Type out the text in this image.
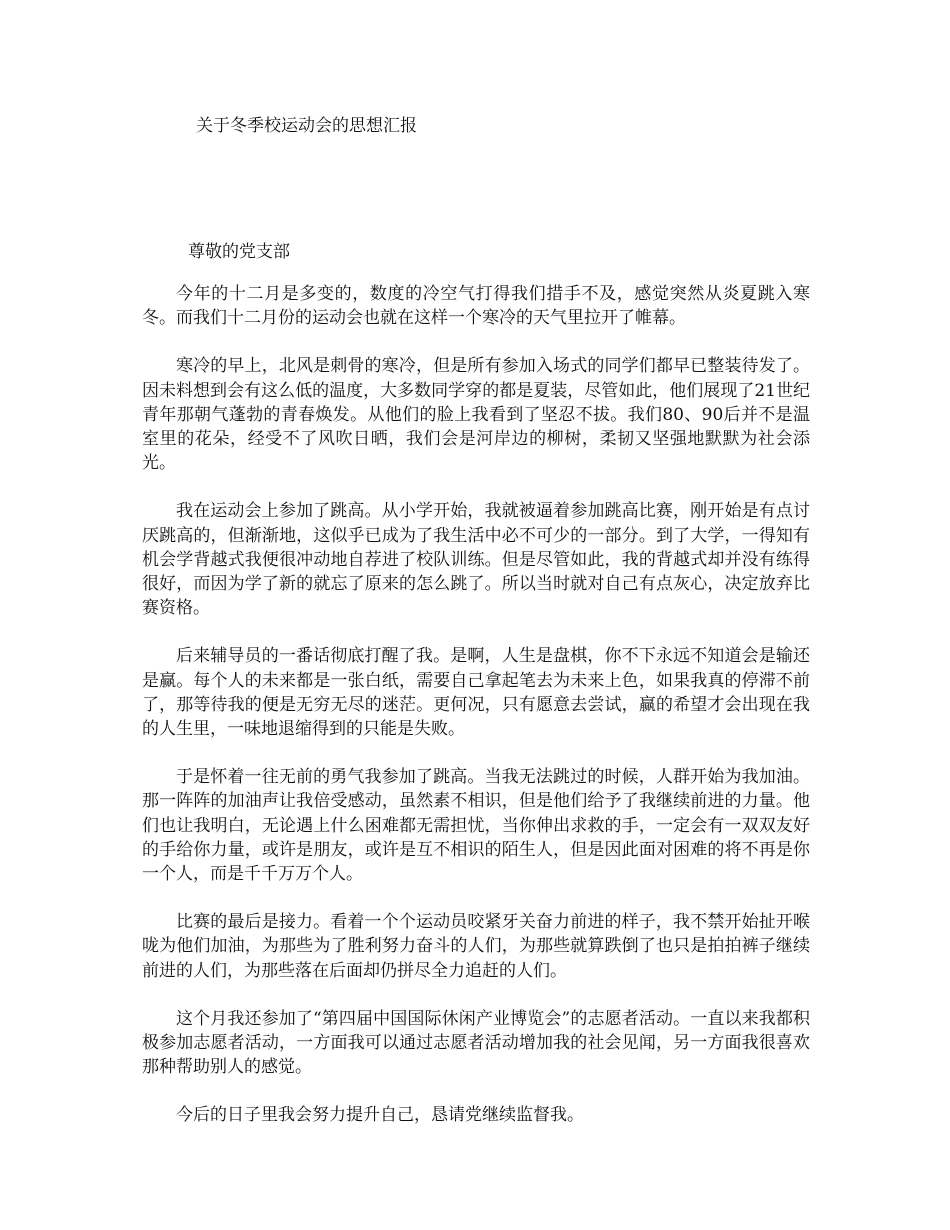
关于冬季校运动会的思想汇报

尊敬的党支部

今年的十二月是多变的，数度的冷空气打得我们措手不及，感觉突然从炎夏跳入寒冬。而我们十二月份的运动会也就在这样一个寒冷的天气里拉开了帷幕。

寒冷的早上，北风是刺骨的寒冷，但是所有参加入场式的同学们都早已整装待发了。因未料想到会有这么低的温度，大多数同学穿的都是夏装，尽管如此，他们展现了21世纪青年那朝气蓬勃的青春焕发。从他们的脸上我看到了坚忍不拔。我们80、90后并不是温室里的花朵，经受不了风吹日晒，我们会是河岸边的柳树，柔韧又坚强地默默为社会添光。

我在运动会上参加了跳高。从小学开始，我就被逼着参加跳高比赛，刚开始是有点讨厌跳高的，但渐渐地，这似乎已成为了我生活中必不可少的一部分。到了大学，一得知有机会学背越式我便很冲动地自荐进了校队训练。但是尽管如此，我的背越式却并没有练得很好，而因为学了新的就忘了原来的怎么跳了。所以当时就对自己有点灰心，决定放弃比赛资格。

后来辅导员的一番话彻底打醒了我。是啊，人生是盘棋，你不下永远不知道会是输还是赢。每个人的未来都是一张白纸，需要自己拿起笔去为未来上色，如果我真的停滞不前了，那等待我的便是无穷无尽的迷茫。更何况，只有愿意去尝试，赢的希望才会出现在我的人生里，一味地退缩得到的只能是失败。

于是怀着一往无前的勇气我参加了跳高。当我无法跳过的时候，人群开始为我加油。那一阵阵的加油声让我倍受感动，虽然素不相识，但是他们给予了我继续前进的力量。他们也让我明白，无论遇上什么困难都无需担忧，当你伸出求救的手，一定会有一双双友好的手给你力量，或许是朋友，或许是互不相识的陌生人，但是因此面对困难的将不再是你一个人，而是千千万万个人。

比赛的最后是接力。看着一个个运动员咬紧牙关奋力前进的样子，我不禁开始扯开喉咙为他们加油，为那些为了胜利努力奋斗的人们，为那些就算跌倒了也只是拍拍裤子继续前进的人们，为那些落在后面却仍拼尽全力追赶的人们。

这个月我还参加了“第四届中国国际休闲产业博览会”的志愿者活动。一直以来我都积极参加志愿者活动，一方面我可以通过志愿者活动增加我的社会见闻，另一方面我很喜欢那种帮助别人的感觉。

今后的日子里我会努力提升自己，恳请党继续监督我。
